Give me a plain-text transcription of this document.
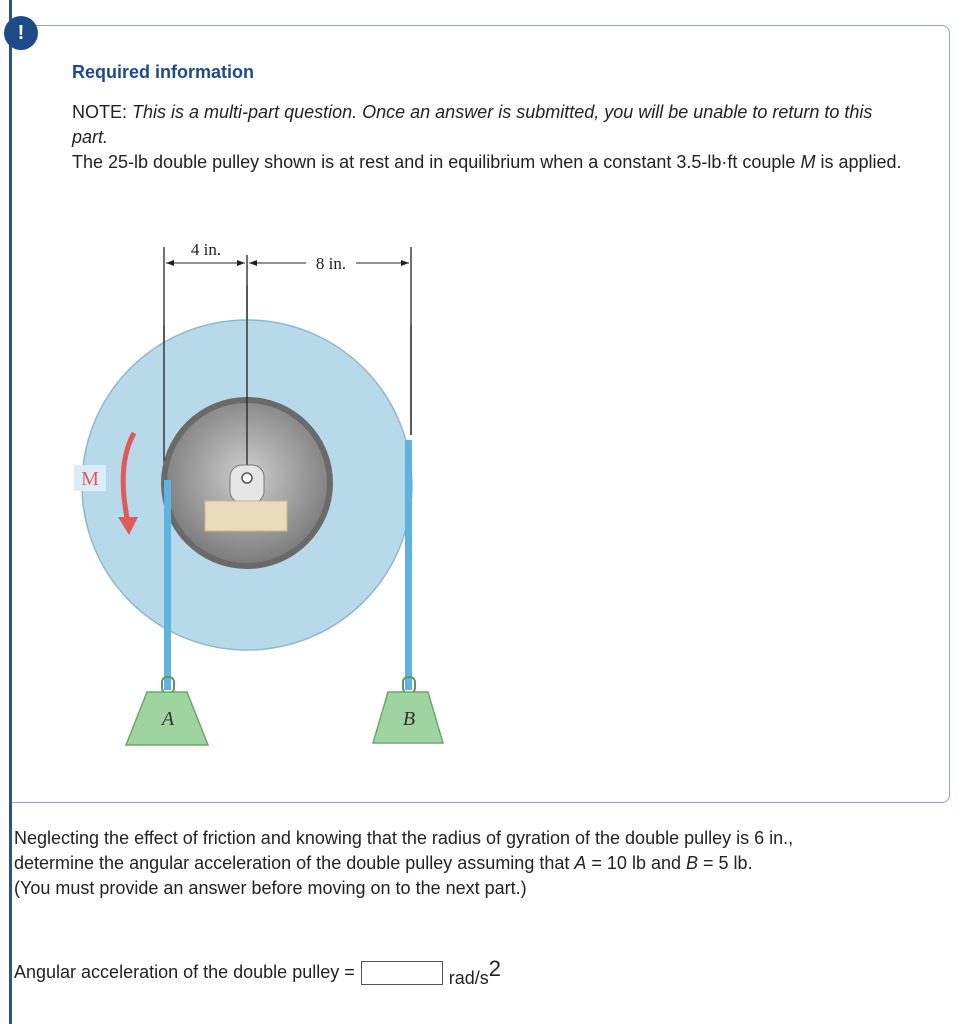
!
Required information
NOTE: This is a multi-part question. Once an answer is submitted, you will be unable to return to this part.
The 25-lb double pulley shown is at rest and in equilibrium when a constant 3.5-lb·ft couple M is applied.
4 in.
8 in.
M
A	B
Neglecting the effect of friction and knowing that the radius of gyration of the double pulley is 6 in.,
determine the angular acceleration of the double pulley assuming that A = 10 lb and B = 5 lb.
(You must provide an answer before moving on to the next part.)
Angular acceleration of the double pulley =	rad/$s^2$
